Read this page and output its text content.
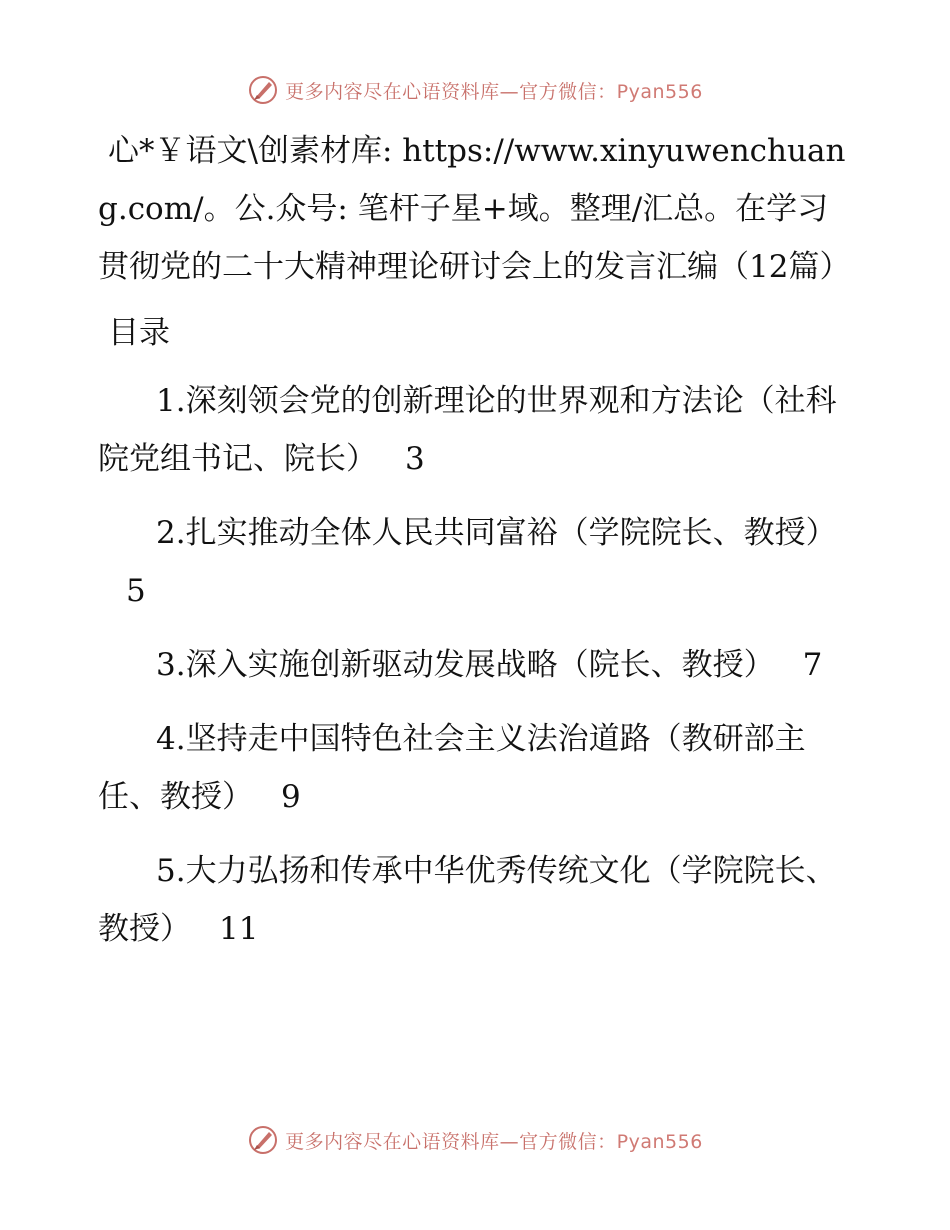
更多内容尽在心语资料库—官方微信：Pyan556

心*￥语文\创素材库: https://www.xinyuwenchuang.com/。公.众号: 笔杆子星+域。整理/汇总。在学习贯彻党的二十大精神理论研讨会上的发言汇编（12篇）

目录
1.深刻领会党的创新理论的世界观和方法论（社科院党组书记、院长） 3
2.扎实推动全体人民共同富裕（学院院长、教授）5
3.深入实施创新驱动发展战略（院长、教授） 7
4.坚持走中国特色社会主义法治道路（教研部主任、教授） 9
5.大力弘扬和传承中华优秀传统文化（学院院长、教授） 11
更多内容尽在心语资料库—官方微信：Pyan556
